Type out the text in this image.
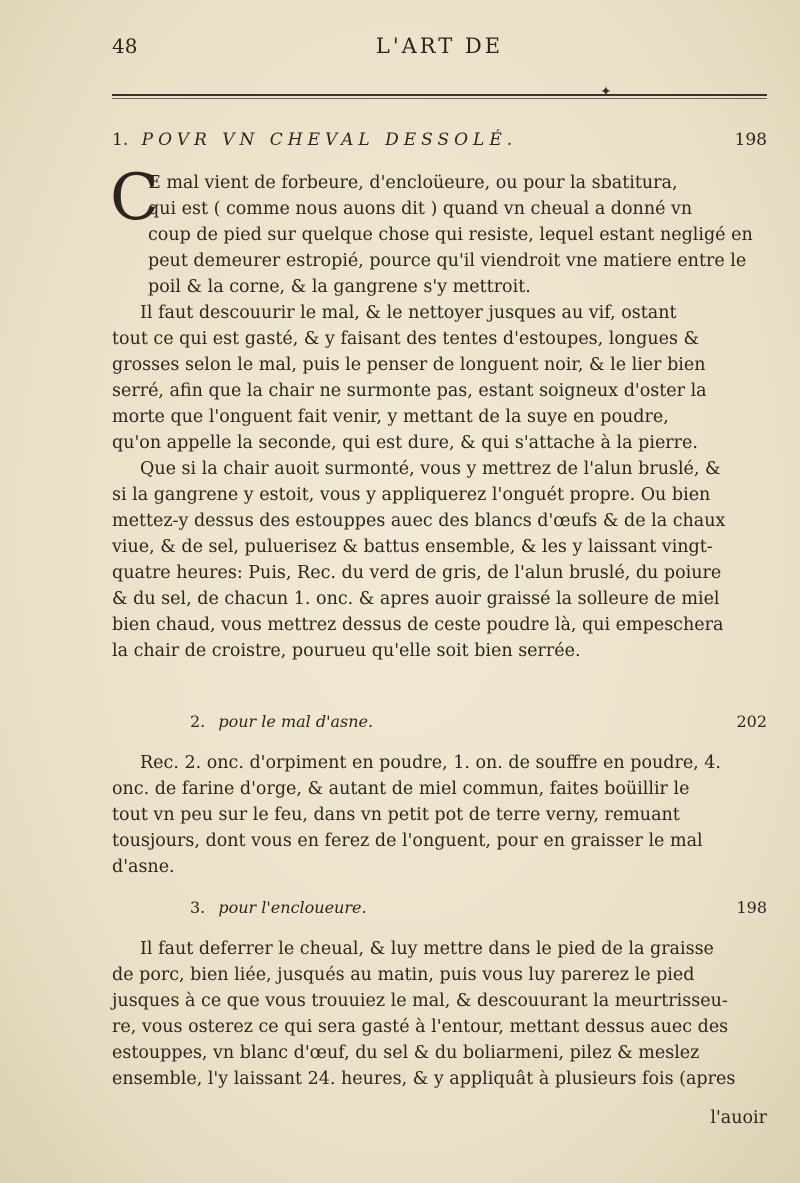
48	L'ART DE
✦
1. POVR VN CHEVAL DESSOLÉ.	198
C
E mal vient de forbeure, d'encloüeure, ou pour la sbatitura,
qui est ( comme nous auons dit ) quand vn cheual a donné vn
coup de pied sur quelque chose qui resiste, lequel estant negligé en
peut demeurer estropié, pource qu'il viendroit vne matiere entre le
poil & la corne, & la gangrene s'y mettroit.
Il faut descouurir le mal, & le nettoyer jusques au vif, ostant
tout ce qui est gasté, & y faisant des tentes d'estoupes, longues &
grosses selon le mal, puis le penser de longuent noir, & le lier bien
serré, afin que la chair ne surmonte pas, estant soigneux d'oster la
morte que l'onguent fait venir, y mettant de la suye en poudre,
qu'on appelle la seconde, qui est dure, & qui s'attache à la pierre.
Que si la chair auoit surmonté, vous y mettrez de l'alun bruslé, &
si la gangrene y estoit, vous y appliquerez l'onguét propre. Ou bien
mettez-y dessus des estouppes auec des blancs d'œufs & de la chaux
viue, & de sel, puluerisez & battus ensemble, & les y laissant vingt-
quatre heures: Puis, Rec. du verd de gris, de l'alun bruslé, du poiure
& du sel, de chacun 1. onc. & apres auoir graissé la solleure de miel
bien chaud, vous mettrez dessus de ceste poudre là, qui empeschera
la chair de croistre, pourueu qu'elle soit bien serrée.
2. pour le mal d'asne.	202
Rec. 2. onc. d'orpiment en poudre, 1. on. de souffre en poudre, 4.
onc. de farine d'orge, & autant de miel commun, faites boüillir le
tout vn peu sur le feu, dans vn petit pot de terre verny, remuant
tousjours, dont vous en ferez de l'onguent, pour en graisser le mal
d'asne.
3. pour l'encloueure.	198
Il faut deferrer le cheual, & luy mettre dans le pied de la graisse
de porc, bien liée, jusqués au matin, puis vous luy parerez le pied
jusques à ce que vous trouuiez le mal, & descouurant la meurtrisseu-
re, vous osterez ce qui sera gasté à l'entour, mettant dessus auec des
estouppes, vn blanc d'œuf, du sel & du boliarmeni, pilez & meslez
ensemble, l'y laissant 24. heures, & y appliquât à plusieurs fois (apres
l'auoir
